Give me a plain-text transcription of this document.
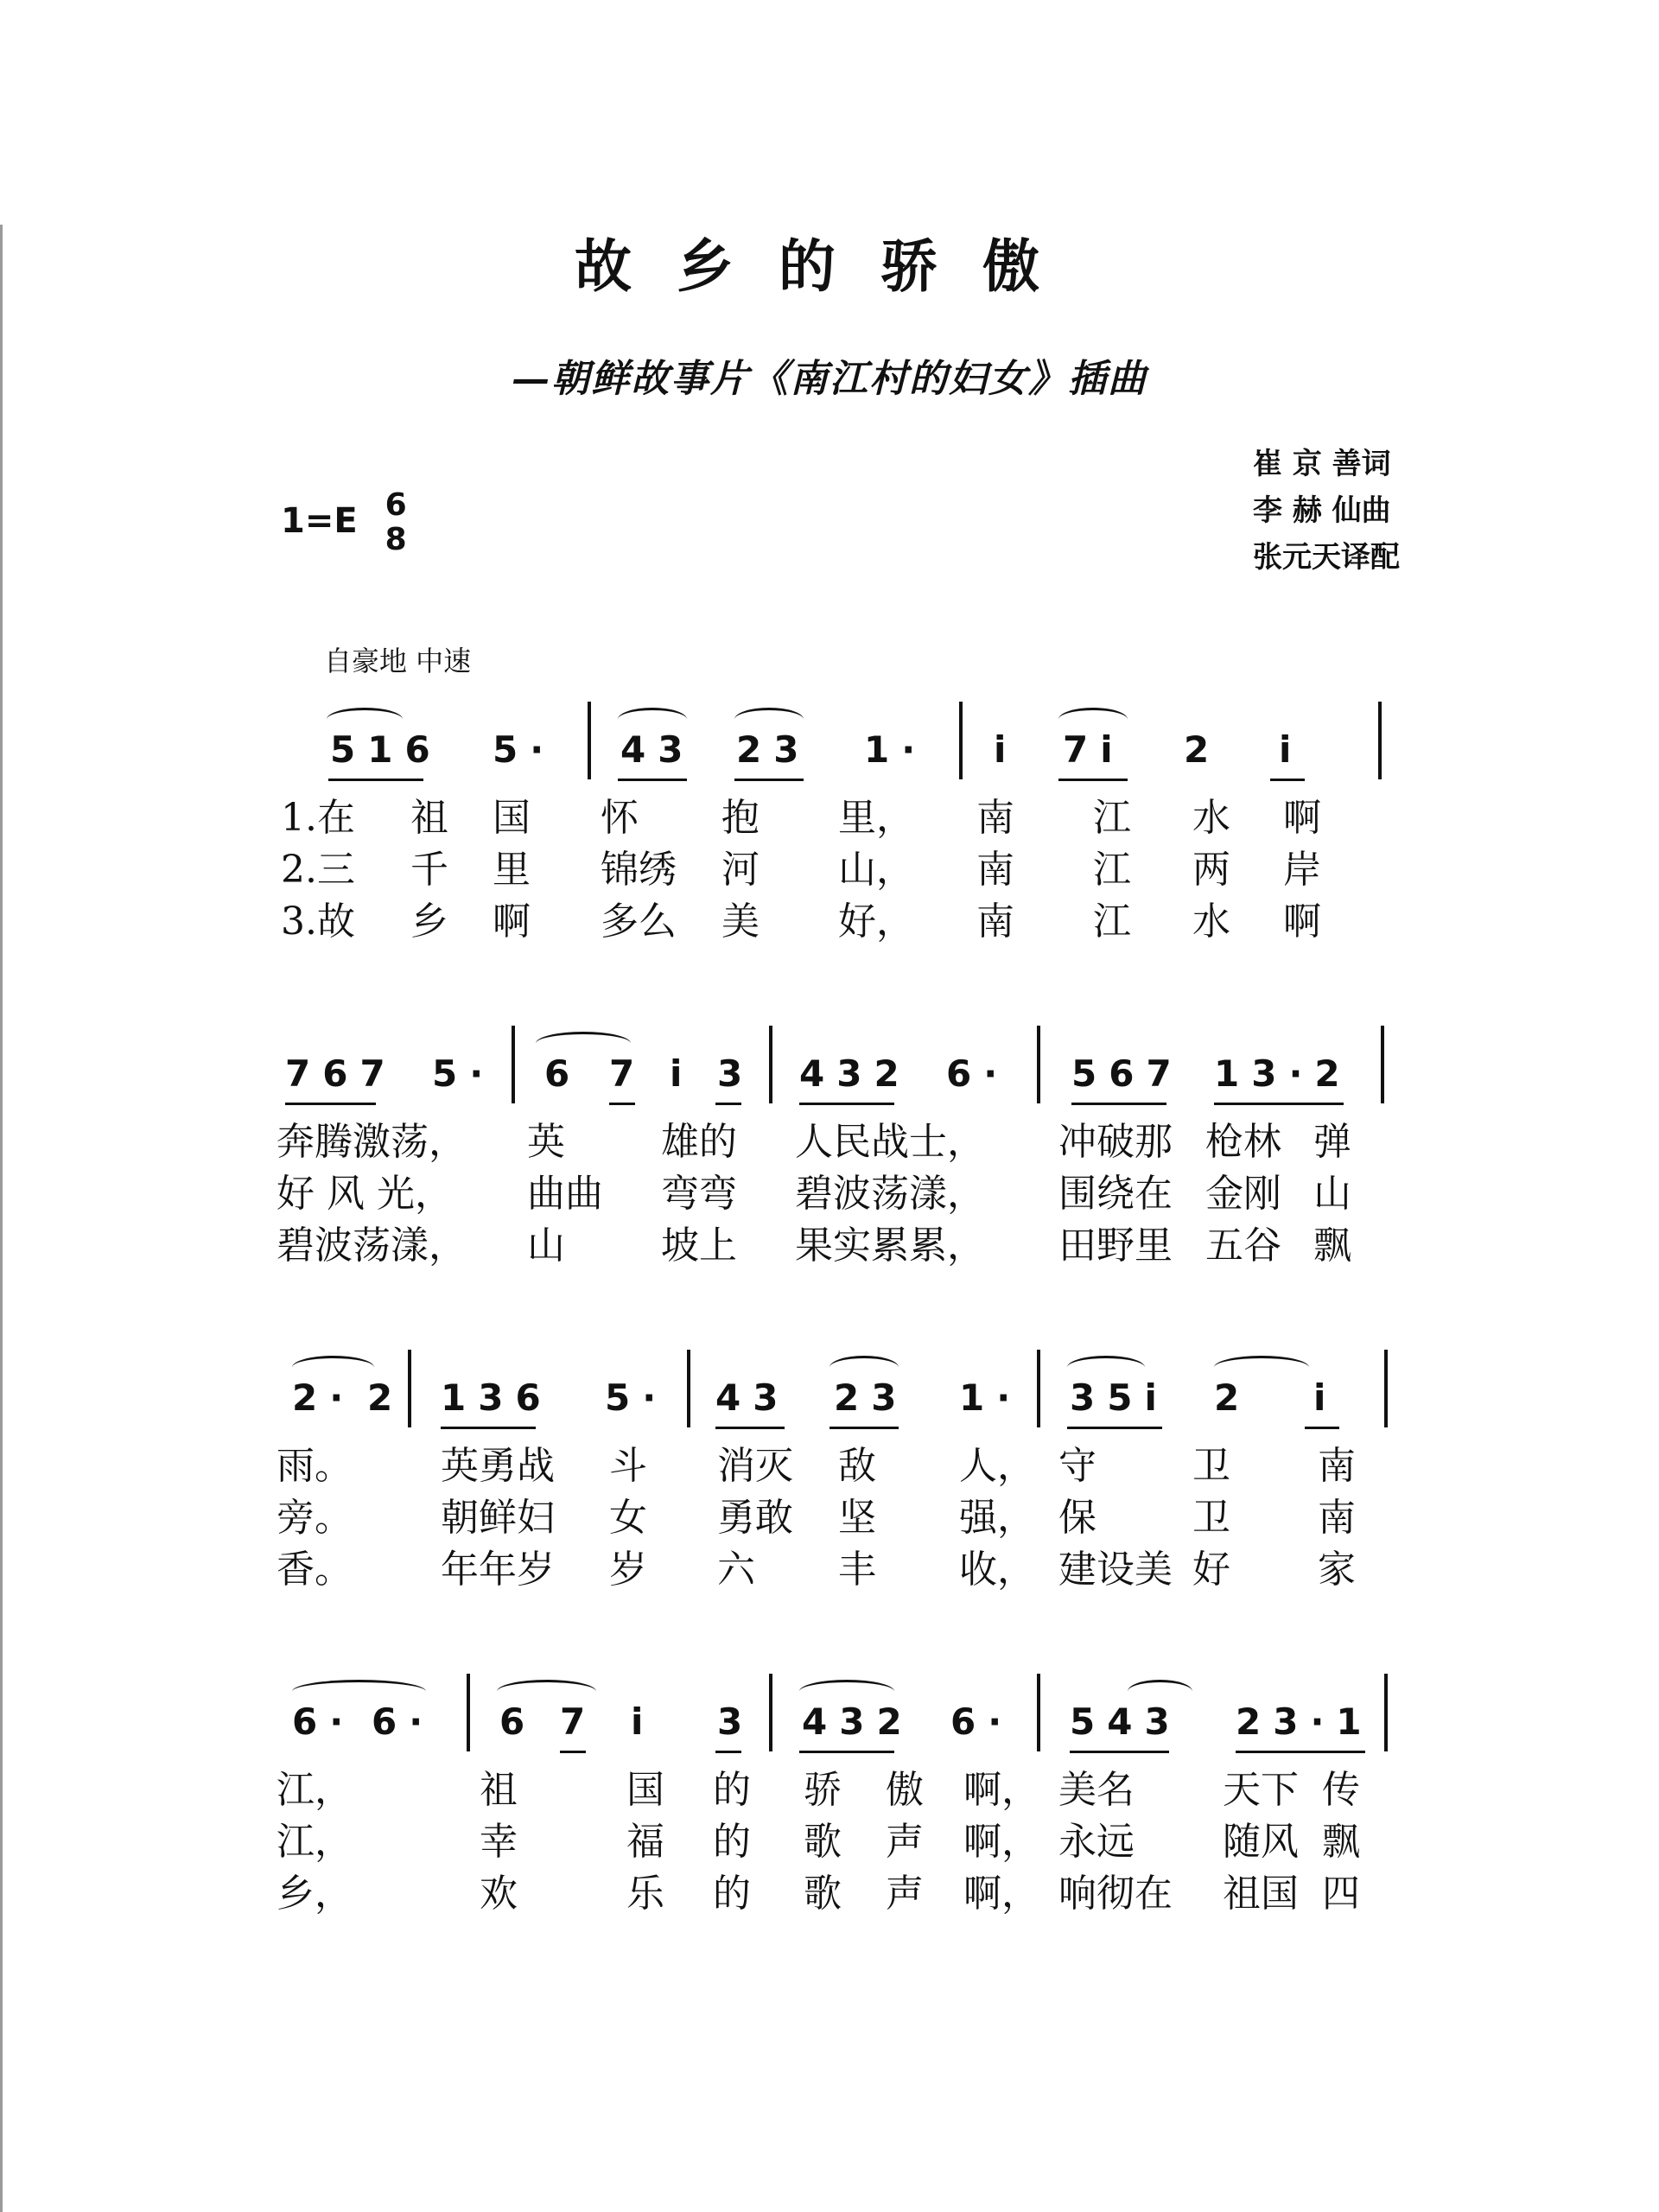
故乡的骄傲
—朝鲜故事片《南江村的妇女》插曲
崔 京 善词
李 赫 仙曲
张元天译配
1=E 6
8
自豪地 中速
516 5· 43 23 1· i 7i 2 i
1.在 祖 国 怀 抱 里， 南 江 水 啊
2.三 千 里 锦绣 河 山， 南 江 两 岸
3.故 乡 啊 多么 美 好， 南 江 水 啊
767 5· 6 7 i 3 432 6· 567 13·2
奔腾激荡， 英	雄的 人民战士， 冲破那 枪林 弹
好 风 光， 曲曲 弯弯 碧波荡漾， 围绕在 金刚 山
碧波荡漾， 山	坡上 果实累累， 田野里 五谷 飘
2· 2 136 5· 43 23 1· 35i 2 i
雨。 英勇战 斗 消灭 敌 人， 守	卫 南
旁。 朝鲜妇 女 勇敢 坚 强， 保	卫 南
香。 年年岁 岁 六 丰 收， 建设美 好 家
6· 6· 6 7 i 3 432 6· 543 23·1
江，	祖	国 的 骄 傲 啊， 美名 天下 传
江，	幸	福 的 歌 声 啊， 永远 随风 飘
乡，	欢	乐 的 歌 声 啊， 响彻在 祖国 四
